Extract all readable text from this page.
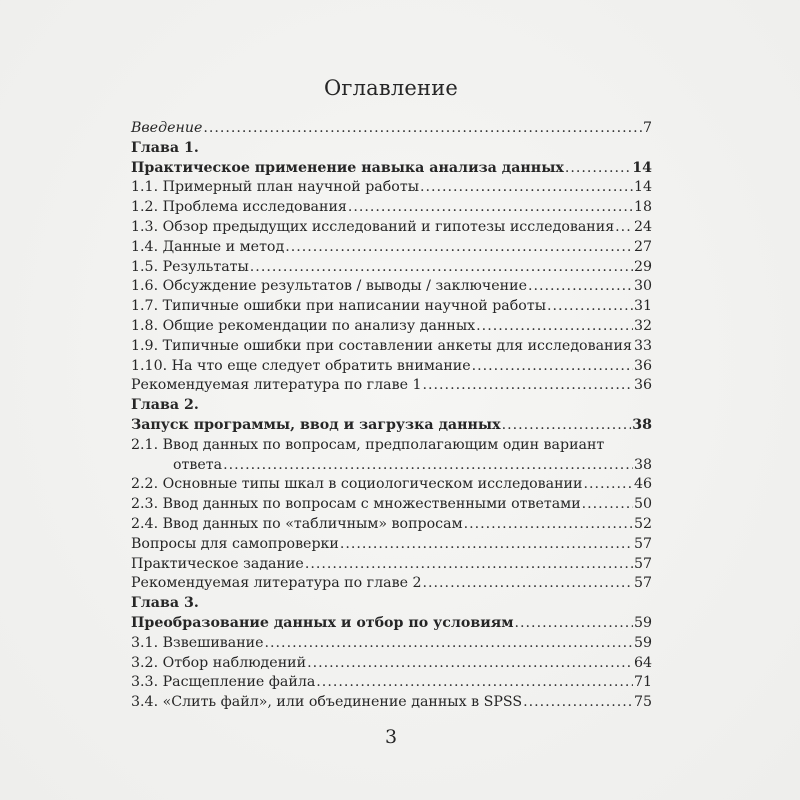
Оглавление
Введение .....	7
Глава 1.
Практическое применение навыка анализа данных .....	14
1.1. Примерный план научной работы .....	14
1.2. Проблема исследования .....	18
1.3. Обзор предыдущих исследований и гипотезы исследования ..... 24
1.4. Данные и метод .....	27
1.5. Результаты .....	29
1.6. Обсуждение результатов / выводы / заключение .....	30
1.7. Типичные ошибки при написании научной работы .....	31
1.8. Общие рекомендации по анализу данных .....	32
1.9. Типичные ошибки при составлении анкеты для исследования ..... 33
1.10. На что еще следует обратить внимание .....	36
Рекомендуемая литература по главе 1 .....	36
Глава 2.
Запуск программы, ввод и загрузка данных .....	38
2.1. Ввод данных по вопросам, предполагающим один вариант
ответа .....	38
2.2. Основные типы шкал в социологическом исследовании .....	46
2.3. Ввод данных по вопросам с множественными ответами .....	50
2.4. Ввод данных по «табличным» вопросам .....	52
Вопросы для самопроверки .....	57
Практическое задание .....	57
Рекомендуемая литература по главе 2 .....	57
Глава 3.
Преобразование данных и отбор по условиям .....	59
3.1. Взвешивание .....	59
3.2. Отбор наблюдений .....	64
3.3. Расщепление файла .....	71
3.4. «Слить файл», или объединение данных в SPSS .....	75
3
